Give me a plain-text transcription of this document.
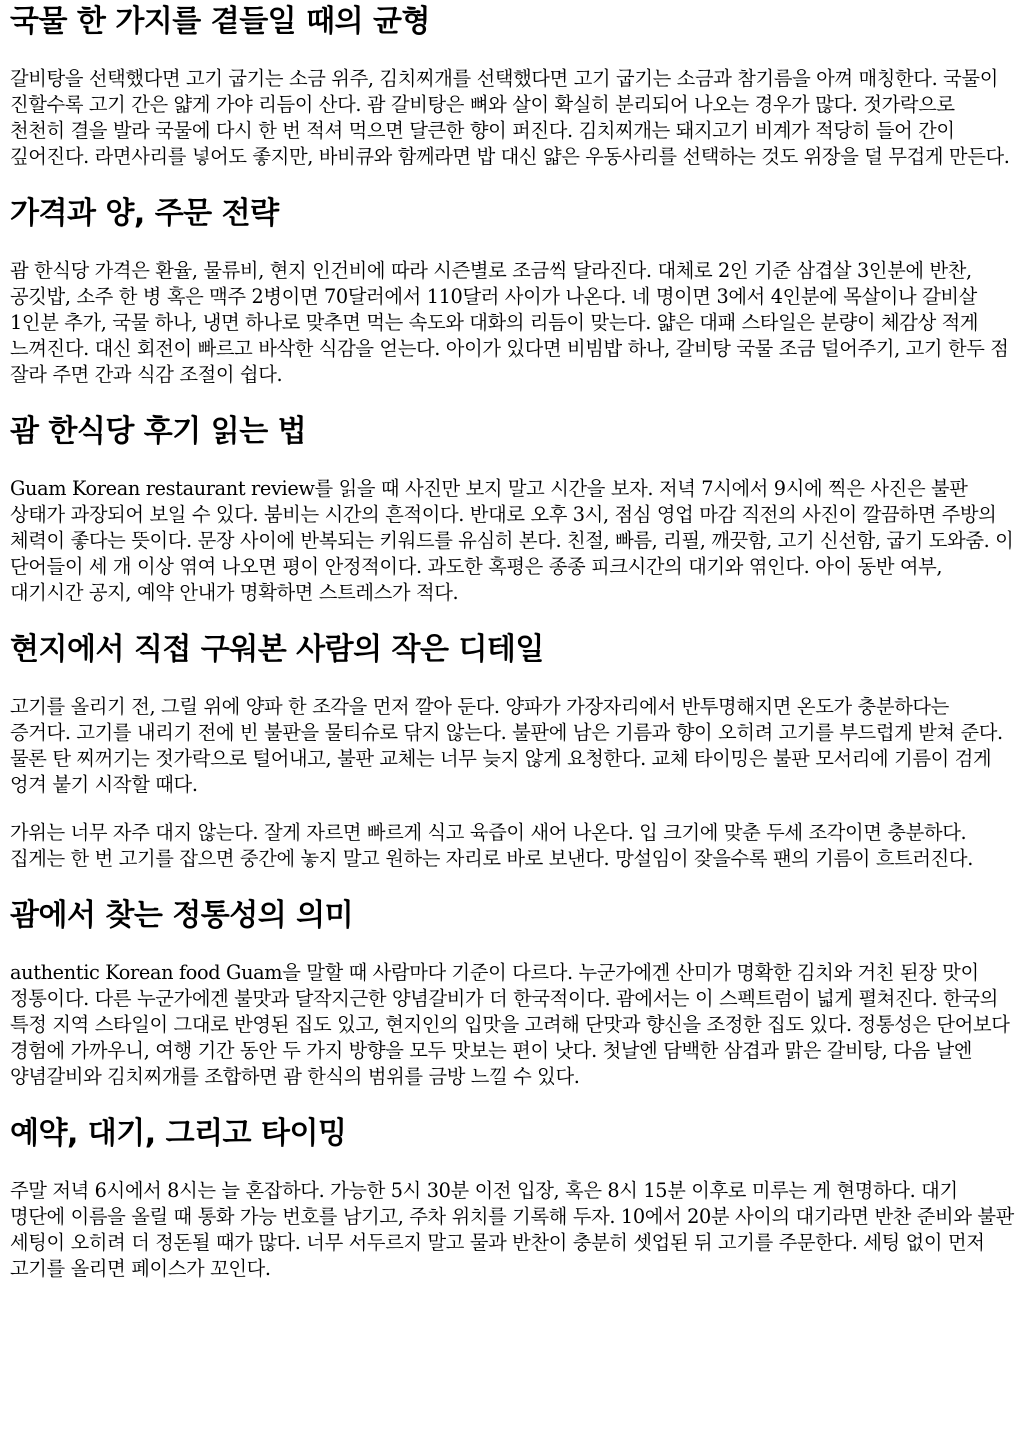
국물 한 가지를 곁들일 때의 균형

갈비탕을 선택했다면 고기 굽기는 소금 위주, 김치찌개를 선택했다면 고기 굽기는 소금과 참기름을 아껴 매칭한다. 국물이 진할수록 고기 간은 얇게 가야 리듬이 산다. 괌 갈비탕은 뼈와 살이 확실히 분리되어 나오는 경우가 많다. 젓가락으로 천천히 결을 발라 국물에 다시 한 번 적셔 먹으면 달큰한 향이 퍼진다. 김치찌개는 돼지고기 비계가 적당히 들어 간이 깊어진다. 라면사리를 넣어도 좋지만, 바비큐와 함께라면 밥 대신 얇은 우동사리를 선택하는 것도 위장을 덜 무겁게 만든다.

가격과 양, 주문 전략

괌 한식당 가격은 환율, 물류비, 현지 인건비에 따라 시즌별로 조금씩 달라진다. 대체로 2인 기준 삼겹살 3인분에 반찬, 공깃밥, 소주 한 병 혹은 맥주 2병이면 70달러에서 110달러 사이가 나온다. 네 명이면 3에서 4인분에 목살이나 갈비살 1인분 추가, 국물 하나, 냉면 하나로 맞추면 먹는 속도와 대화의 리듬이 맞는다. 얇은 대패 스타일은 분량이 체감상 적게 느껴진다. 대신 회전이 빠르고 바삭한 식감을 얻는다. 아이가 있다면 비빔밥 하나, 갈비탕 국물 조금 덜어주기, 고기 한두 점 잘라 주면 간과 식감 조절이 쉽다.

괌 한식당 후기 읽는 법

Guam Korean restaurant review를 읽을 때 사진만 보지 말고 시간을 보자. 저녁 7시에서 9시에 찍은 사진은 불판 상태가 과장되어 보일 수 있다. 붐비는 시간의 흔적이다. 반대로 오후 3시, 점심 영업 마감 직전의 사진이 깔끔하면 주방의 체력이 좋다는 뜻이다. 문장 사이에 반복되는 키워드를 유심히 본다. 친절, 빠름, 리필, 깨끗함, 고기 신선함, 굽기 도와줌. 이 단어들이 세 개 이상 엮여 나오면 평이 안정적이다. 과도한 혹평은 종종 피크시간의 대기와 엮인다. 아이 동반 여부, 대기시간 공지, 예약 안내가 명확하면 스트레스가 적다.

현지에서 직접 구워본 사람의 작은 디테일

고기를 올리기 전, 그릴 위에 양파 한 조각을 먼저 깔아 둔다. 양파가 가장자리에서 반투명해지면 온도가 충분하다는 증거다. 고기를 내리기 전에 빈 불판을 물티슈로 닦지 않는다. 불판에 남은 기름과 향이 오히려 고기를 부드럽게 받쳐 준다. 물론 탄 찌꺼기는 젓가락으로 털어내고, 불판 교체는 너무 늦지 않게 요청한다. 교체 타이밍은 불판 모서리에 기름이 검게 엉겨 붙기 시작할 때다.

가위는 너무 자주 대지 않는다. 잘게 자르면 빠르게 식고 육즙이 새어 나온다. 입 크기에 맞춘 두세 조각이면 충분하다. 집게는 한 번 고기를 잡으면 중간에 놓지 말고 원하는 자리로 바로 보낸다. 망설임이 잦을수록 팬의 기름이 흐트러진다.

괌에서 찾는 정통성의 의미

authentic Korean food Guam을 말할 때 사람마다 기준이 다르다. 누군가에겐 산미가 명확한 김치와 거친 된장 맛이 정통이다. 다른 누군가에겐 불맛과 달작지근한 양념갈비가 더 한국적이다. 괌에서는 이 스펙트럼이 넓게 펼쳐진다. 한국의 특정 지역 스타일이 그대로 반영된 집도 있고, 현지인의 입맛을 고려해 단맛과 향신을 조정한 집도 있다. 정통성은 단어보다 경험에 가까우니, 여행 기간 동안 두 가지 방향을 모두 맛보는 편이 낫다. 첫날엔 담백한 삼겹과 맑은 갈비탕, 다음 날엔 양념갈비와 김치찌개를 조합하면 괌 한식의 범위를 금방 느낄 수 있다.

예약, 대기, 그리고 타이밍

주말 저녁 6시에서 8시는 늘 혼잡하다. 가능한 5시 30분 이전 입장, 혹은 8시 15분 이후로 미루는 게 현명하다. 대기 명단에 이름을 올릴 때 통화 가능 번호를 남기고, 주차 위치를 기록해 두자. 10에서 20분 사이의 대기라면 반찬 준비와 불판 세팅이 오히려 더 정돈될 때가 많다. 너무 서두르지 말고 물과 반찬이 충분히 셋업된 뒤 고기를 주문한다. 세팅 없이 먼저 고기를 올리면 페이스가 꼬인다.
